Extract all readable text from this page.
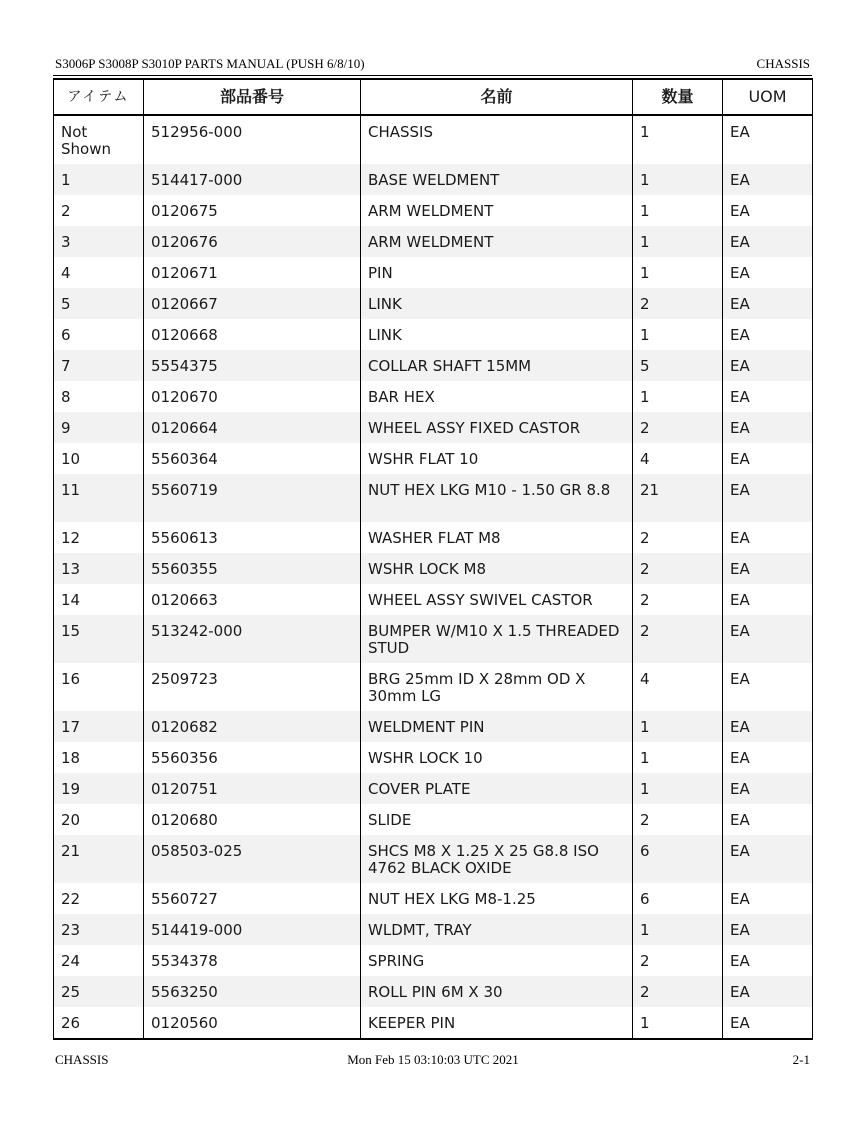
S3006P S3008P S3010P PARTS MANUAL (PUSH 6/8/10)	CHASSIS
アイテム	部品番号	名前	数量	UOM
Not Shown	512956-000	CHASSIS	1	EA
1	514417-000	BASE WELDMENT	1	EA
2	0120675	ARM WELDMENT	1	EA
3	0120676	ARM WELDMENT	1	EA
4	0120671	PIN	1	EA
5	0120667	LINK	2	EA
6	0120668	LINK	1	EA
7	5554375	COLLAR SHAFT 15MM	5	EA
8	0120670	BAR HEX	1	EA
9	0120664	WHEEL ASSY FIXED CASTOR	2	EA
10	5560364	WSHR FLAT 10	4	EA
11	5560719	NUT HEX LKG M10 - 1.50 GR 8.8	21	EA
12	5560613	WASHER FLAT M8	2	EA
13	5560355	WSHR LOCK M8	2	EA
14	0120663	WHEEL ASSY SWIVEL CASTOR	2	EA
15	513242-000	BUMPER W/M10 X 1.5 THREADED STUD	2	EA
16	2509723	BRG 25mm ID X 28mm OD X 30mm LG	4	EA
17	0120682	WELDMENT PIN	1	EA
18	5560356	WSHR LOCK 10	1	EA
19	0120751	COVER PLATE	1	EA
20	0120680	SLIDE	2	EA
21	058503-025	SHCS M8 X 1.25 X 25 G8.8 ISO 4762 BLACK OXIDE	6	EA
22	5560727	NUT HEX LKG M8-1.25	6	EA
23	514419-000	WLDMT, TRAY	1	EA
24	5534378	SPRING	2	EA
25	5563250	ROLL PIN 6M X 30	2	EA
26	0120560	KEEPER PIN	1	EA
CHASSIS	Mon Feb 15 03:10:03 UTC 2021	2-1
